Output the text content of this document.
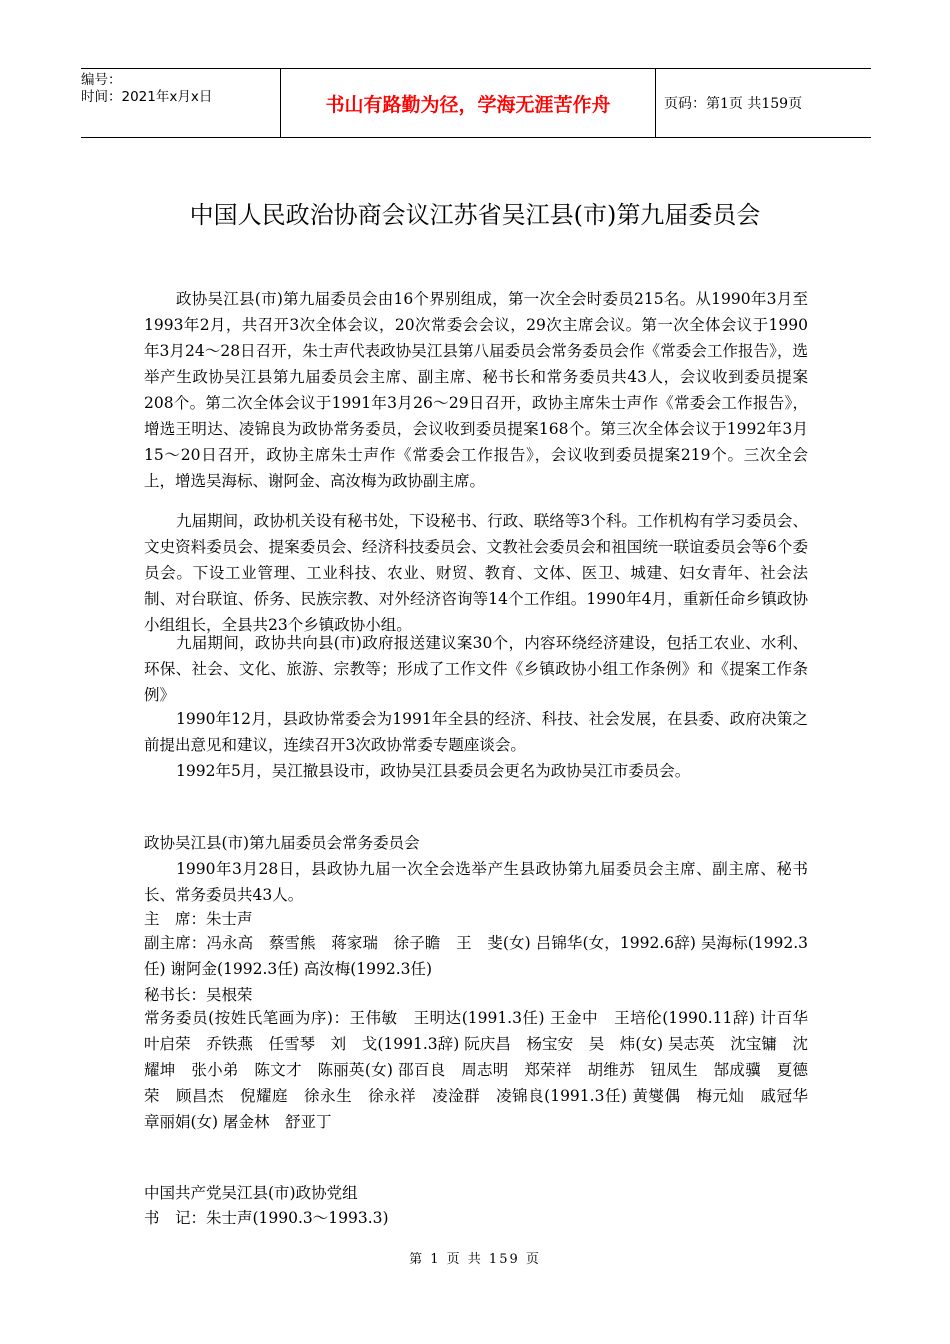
编号：
时间：2021年x月x日	书山有路勤为径，学海无涯苦作舟	页码：第1页 共159页
中国人民政治协商会议江苏省吴江县(市)第九届委员会

政协吴江县(市)第九届委员会由16个界别组成，第一次全会时委员215名。从1990年3月至1993年2月，共召开3次全体会议，20次常委会会议，29次主席会议。第一次全体会议于1990年3月24～28日召开，朱士声代表政协吴江县第八届委员会常务委员会作《常委会工作报告》，选举产生政协吴江县第九届委员会主席、副主席、秘书长和常务委员共43人，会议收到委员提案208个。第二次全体会议于1991年3月26～29日召开，政协主席朱士声作《常委会工作报告》，增选王明达、凌锦良为政协常务委员，会议收到委员提案168个。第三次全体会议于1992年3月15～20日召开，政协主席朱士声作《常委会工作报告》，会议收到委员提案219个。三次全会上，增选吴海标、谢阿金、高汝梅为政协副主席。

九届期间，政协机关设有秘书处，下设秘书、行政、联络等3个科。工作机构有学习委员会、文史资料委员会、提案委员会、经济科技委员会、文教社会委员会和祖国统一联谊委员会等6个委员会。下设工业管理、工业科技、农业、财贸、教育、文体、医卫、城建、妇女青年、社会法制、对台联谊、侨务、民族宗教、对外经济咨询等14个工作组。1990年4月，重新任命乡镇政协小组组长，全县共23个乡镇政协小组。

九届期间，政协共向县(市)政府报送建议案30个，内容环绕经济建设，包括工农业、水利、环保、社会、文化、旅游、宗教等；形成了工作文件《乡镇政协小组工作条例》和《提案工作条例》

1990年12月，县政协常委会为1991年全县的经济、科技、社会发展，在县委、政府决策之前提出意见和建议，连续召开3次政协常委专题座谈会。

1992年5月，吴江撤县设市，政协吴江县委员会更名为政协吴江市委员会。

政协吴江县(市)第九届委员会常务委员会

1990年3月28日，县政协九届一次全会选举产生县政协第九届委员会主席、副主席、秘书长、常务委员共43人。

主　席：朱士声

副主席：冯永高　蔡雪熊　蒋家瑞　徐子瞻　王　斐(女) 吕锦华(女，1992.6辞) 吴海标(1992.3任) 谢阿金(1992.3任) 高汝梅(1992.3任)

秘书长：吴根荣

常务委员(按姓氏笔画为序)：王伟敏　王明达(1991.3任) 王金中　王培伦(1990.11辞) 计百华　叶启荣　乔铁燕　任雪琴　刘　戈(1991.3辞) 阮庆昌　杨宝安　吴　炜(女) 吴志英　沈宝镛　沈耀坤　张小弟　陈文才　陈丽英(女) 邵百良　周志明　郑荣祥　胡维苏　钮凤生　郜成骥　夏德荣　顾昌杰　倪耀庭　徐永生　徐永祥　凌淦群　凌锦良(1991.3任) 黄燮偶　梅元灿　戚冠华　章丽娟(女) 屠金林　舒亚丁

中国共产党吴江县(市)政协党组

书　记：朱士声(1990.3～1993.3)

第 1 页 共 159 页
